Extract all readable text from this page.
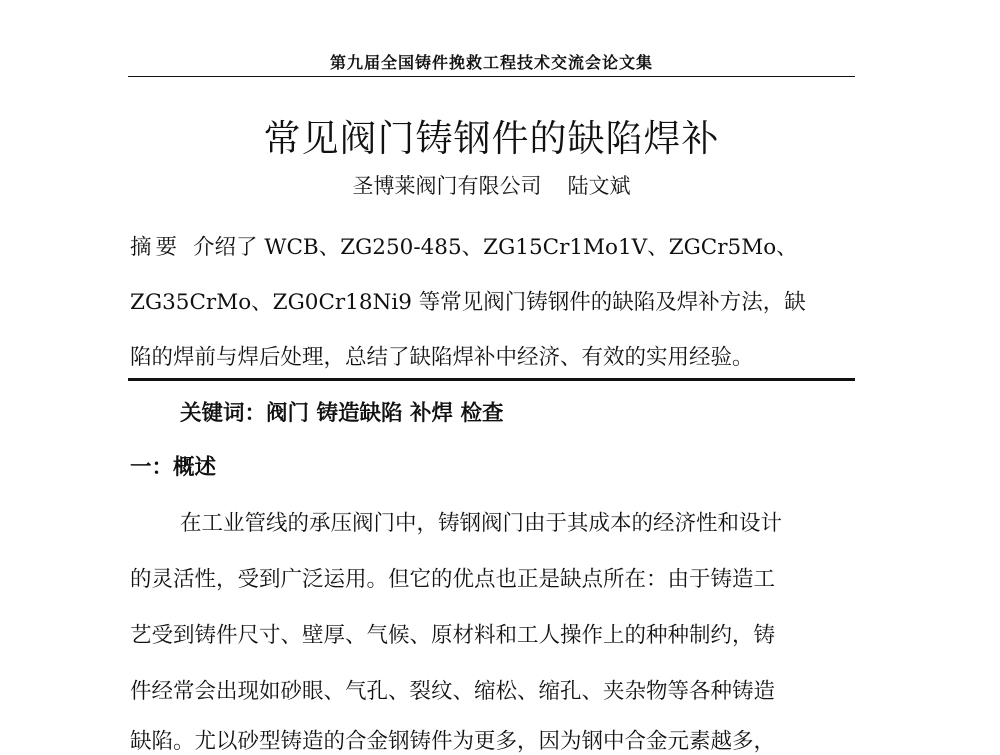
第九届全国铸件挽救工程技术交流会论文集
常见阀门铸钢件的缺陷焊补
圣博莱阀门有限公司 陆文斌
摘要 介绍了 WCB、ZG250-485、ZG15Cr1Mo1V、ZGCr5Mo、
ZG35CrMo、ZG0Cr18Ni9 等常见阀门铸钢件的缺陷及焊补方法，缺
陷的焊前与焊后处理，总结了缺陷焊补中经济、有效的实用经验。
关键词：阀门 铸造缺陷 补焊 检查
一：概述
在工业管线的承压阀门中，铸钢阀门由于其成本的经济性和设计
的灵活性，受到广泛运用。但它的优点也正是缺点所在：由于铸造工
艺受到铸件尺寸、壁厚、气候、原材料和工人操作上的种种制约，铸
件经常会出现如砂眼、气孔、裂纹、缩松、缩孔、夹杂物等各种铸造
缺陷。尤以砂型铸造的合金钢铸件为更多，因为钢中合金元素越多，
